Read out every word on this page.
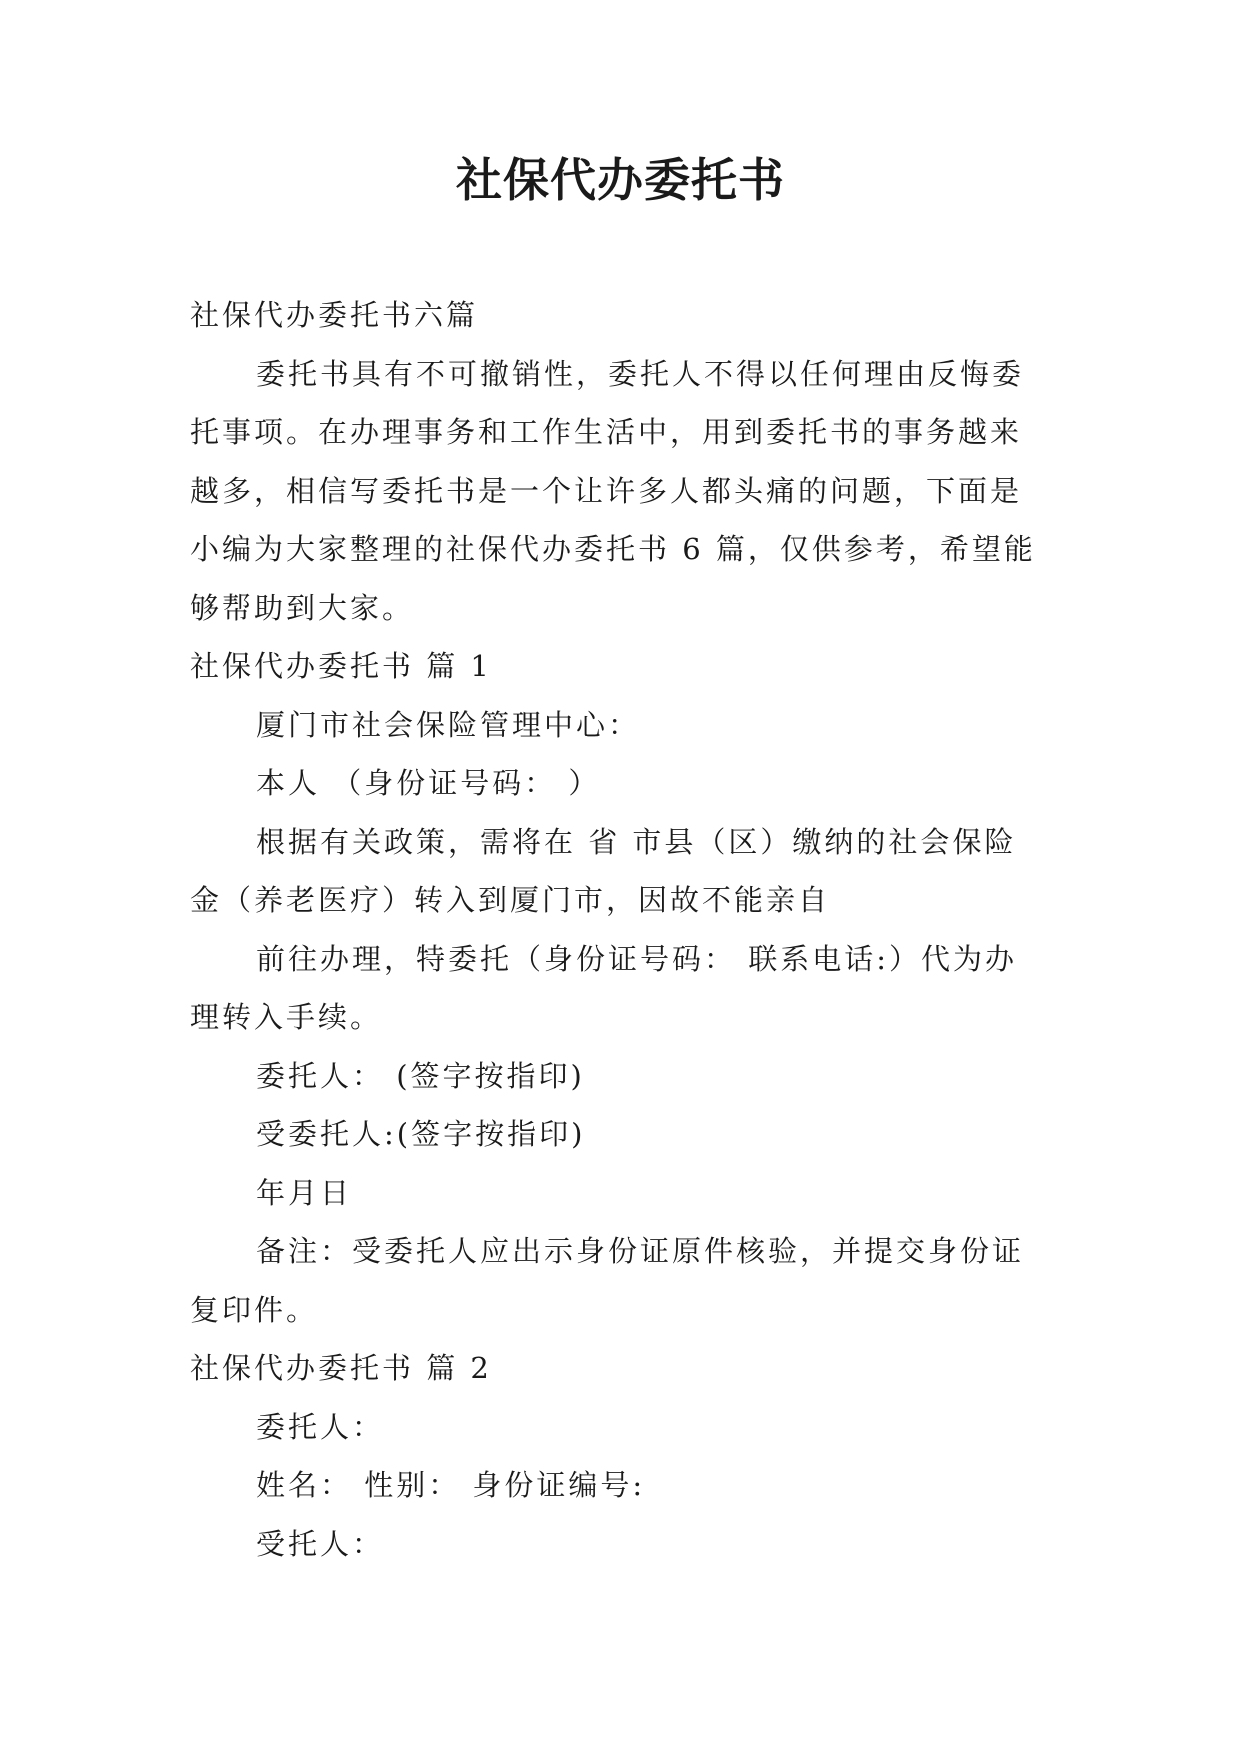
社保代办委托书
社保代办委托书六篇
委托书具有不可撤销性，委托人不得以任何理由反悔委
托事项。在办理事务和工作生活中，用到委托书的事务越来
越多，相信写委托书是一个让许多人都头痛的问题，下面是
小编为大家整理的社保代办委托书 6 篇，仅供参考，希望能
够帮助到大家。
社保代办委托书 篇 1
厦门市社会保险管理中心：
本人 （身份证号码： ）
根据有关政策，需将在 省 市县（区）缴纳的社会保险
金（养老医疗）转入到厦门市，因故不能亲自
前往办理，特委托（身份证号码： 联系电话:）代为办
理转入手续。
委托人： (签字按指印)
受委托人:(签字按指印)
年月日
备注：受委托人应出示身份证原件核验，并提交身份证
复印件。
社保代办委托书 篇 2
委托人：
姓名： 性别： 身份证编号:
受托人：
